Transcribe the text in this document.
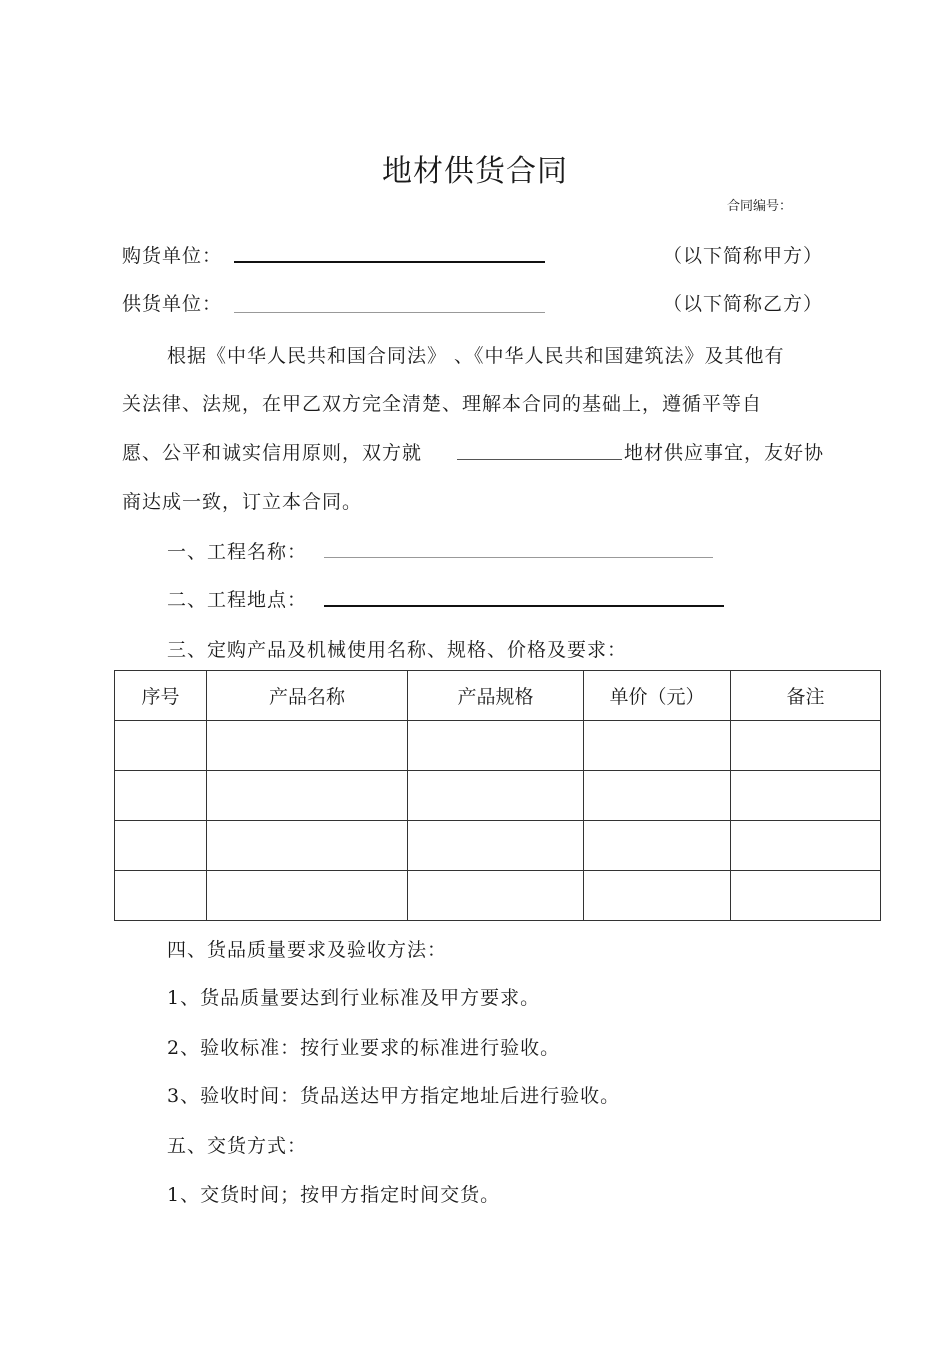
地材供货合同
合同编号：
购货单位：	（以下简称甲方）
供货单位：	（以下简称乙方）
根据《中华人民共和国合同法》 、《中华人民共和国建筑法》及其他有
关法律、法规，在甲乙双方完全清楚、理解本合同的基础上，遵循平等自
愿、公平和诚实信用原则，双方就	地材供应事宜，友好协
商达成一致，订立本合同。
一、工程名称：
二、工程地点：
三、定购产品及机械使用名称、规格、价格及要求：
序号	产品名称	产品规格	单价（元）	备注

四、货品质量要求及验收方法：
1、货品质量要达到行业标准及甲方要求。
2、验收标准：按行业要求的标准进行验收。
3、验收时间：货品送达甲方指定地址后进行验收。
五、交货方式：
1、交货时间；按甲方指定时间交货。
